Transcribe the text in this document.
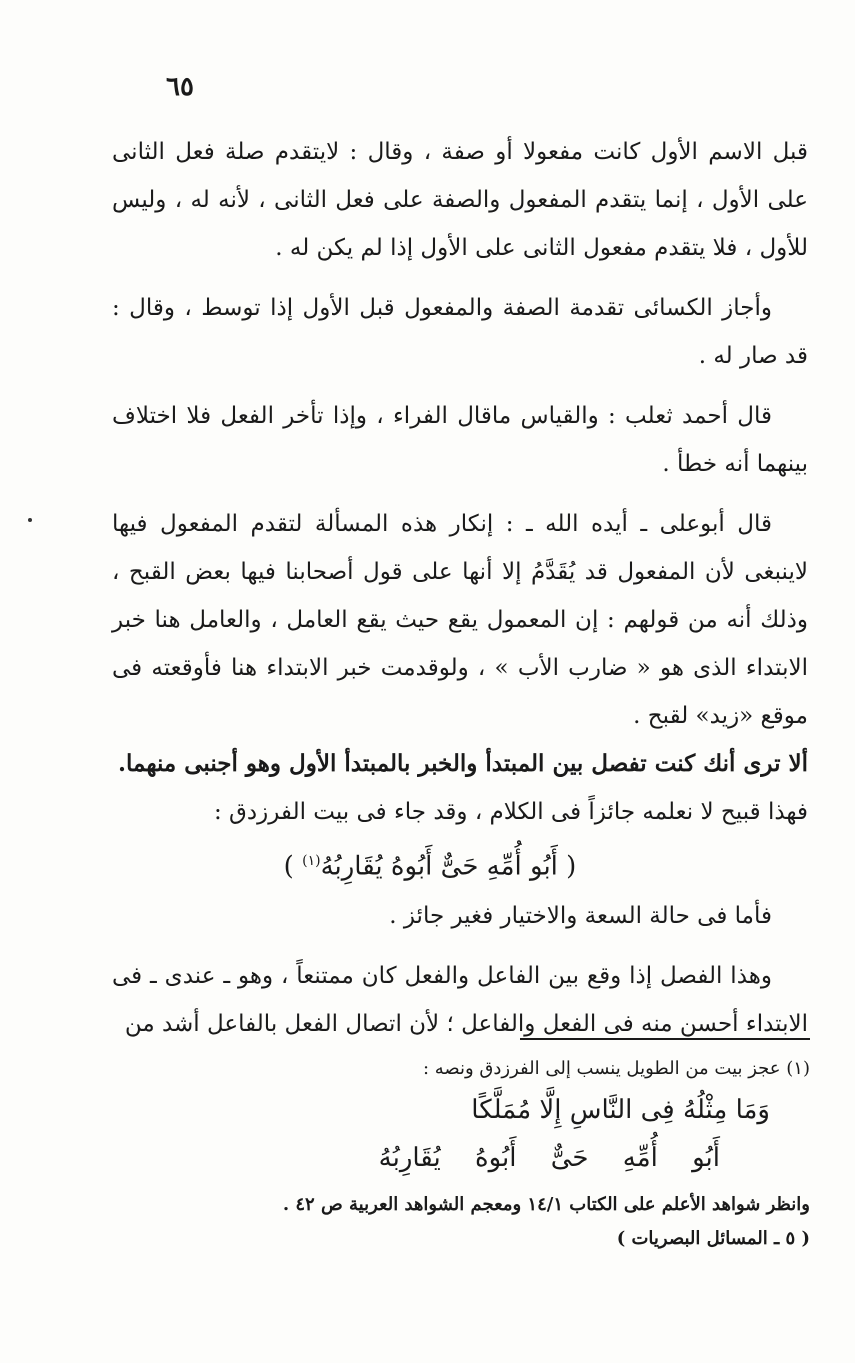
٦٥

قبل الاسم الأول كانت مفعولا أو صفة ، وقال : لايتقدم صلة فعل الثانى على الأول ، إنما يتقدم المفعول والصفة على فعل الثانى ، لأنه له ، وليس للأول ، فلا يتقدم مفعول الثانى على الأول إذا لم يكن له .

وأجاز الكسائى تقدمة الصفة والمفعول قبل الأول إذا توسط ، وقال : قد صار له .

قال أحمد ثعلب : والقياس ماقال الفراء ، وإذا تأخر الفعل فلا اختلاف بينهما أنه خطأ .

قال أبوعلى ـ أيده الله ـ : إنكار هذه المسألة لتقدم المفعول فيها لاينبغى لأن المفعول قد يُقَدَّمُ إلا أنها على قول أصحابنا فيها بعض القبح ، وذلك أنه من قولهم : إن المعمول يقع حيث يقع العامل ، والعامل هنا خبر الابتداء الذى هو « ضارب الأب » ، ولوقدمت خبر الابتداء هنا فأوقعته فى موقع «زيد» لقبح .

ألا ترى أنك كنت تفصل بين المبتدأ والخبر بالمبتدأ الأول وهو أجنبى منهما.

فهذا قبيح لا نعلمه جائزاً فى الكلام ، وقد جاء فى بيت الفرزدق :

( أَبُو أُمِّهِ حَىٌّ أَبُوهُ يُقَارِبُهُ$^{(١)}$ )

فأما فى حالة السعة والاختيار فغير جائز .

وهذا الفصل إذا وقع بين الفاعل والفعل كان ممتنعاً ، وهو ـ عندى ـ فى الابتداء أحسن منه فى الفعل والفاعل ؛ لأن اتصال الفعل بالفاعل أشد من

(١) عجز بيت من الطويل ينسب إلى الفرزدق ونصه :

وَمَا مِثْلُهُ فِى النَّاسِ إِلَّا مُمَلَّكًا

أَبُو أُمِّهِ حَىٌّ أَبُوهُ يُقَارِبُهُ

وانظر شواهد الأعلم على الكتاب ١٤/١ ومعجم الشواهد العربية ص ٤٢ .

( ٥ ـ المسائل البصريات )
